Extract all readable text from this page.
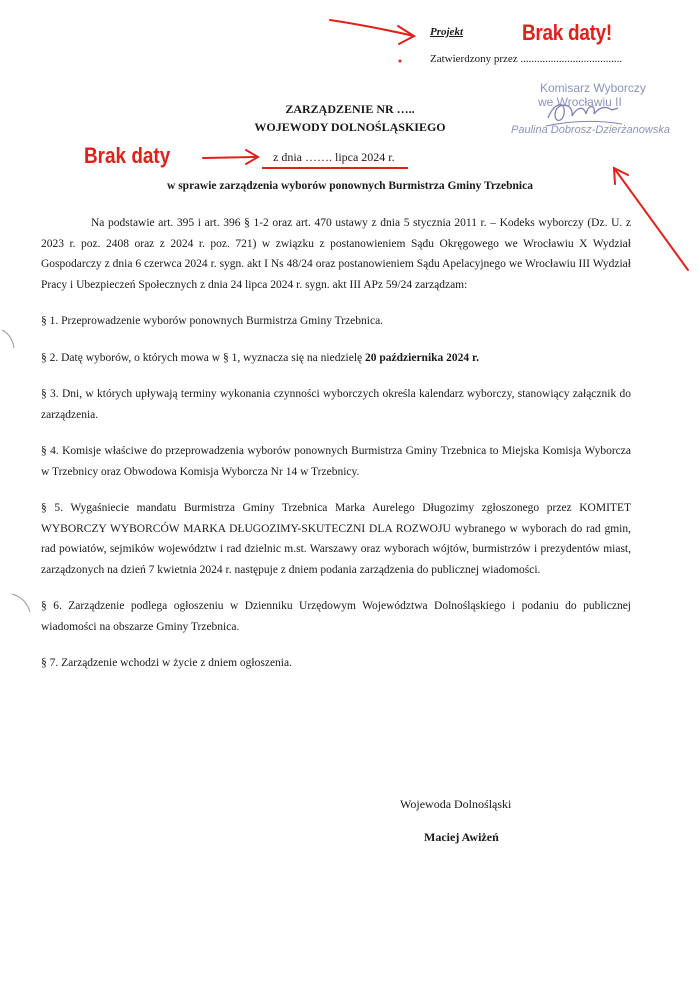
Projekt	Brak daty!
Zatwierdzony przez .....................................
Komisarz Wyborczy
we Wrocławiu II
Paulina Dobrosz-Dzierżanowska
ZARZĄDZENIE NR …..
WOJEWODY DOLNOŚLĄSKIEGO
Brak daty	z dnia ……. lipca 2024 r.
w sprawie zarządzenia wyborów ponownych Burmistrza Gminy Trzebnica

Na podstawie art. 395 i art. 396 § 1-2 oraz art. 470 ustawy z dnia 5 stycznia 2011 r. – Kodeks wyborczy (Dz. U. z 2023 r. poz. 2408 oraz z 2024 r. poz. 721) w związku z postanowieniem Sądu Okręgowego we Wrocławiu X Wydział Gospodarczy z dnia 6 czerwca 2024 r. sygn. akt I Ns 48/24 oraz postanowieniem Sądu Apelacyjnego we Wrocławiu III Wydział Pracy i Ubezpieczeń Społecznych z dnia 24 lipca 2024 r. sygn. akt III APz 59/24 zarządzam:

§ 1. Przeprowadzenie wyborów ponownych Burmistrza Gminy Trzebnica.

§ 2. Datę wyborów, o których mowa w § 1, wyznacza się na niedzielę 20 października 2024 r.

§ 3. Dni, w których upływają terminy wykonania czynności wyborczych określa kalendarz wyborczy, stanowiący załącznik do zarządzenia.

§ 4. Komisje właściwe do przeprowadzenia wyborów ponownych Burmistrza Gminy Trzebnica to Miejska Komisja Wyborcza w Trzebnicy oraz Obwodowa Komisja Wyborcza Nr 14 w Trzebnicy.

§ 5. Wygaśniecie mandatu Burmistrza Gminy Trzebnica Marka Aurelego Długozimy zgłoszonego przez KOMITET WYBORCZY WYBORCÓW MARKA DŁUGOZIMY-SKUTECZNI DLA ROZWOJU wybranego w wyborach do rad gmin, rad powiatów, sejmików województw i rad dzielnic m.st. Warszawy oraz wyborach wójtów, burmistrzów i prezydentów miast, zarządzonych na dzień 7 kwietnia 2024 r. następuje z dniem podania zarządzenia do publicznej wiadomości.

§ 6. Zarządzenie podlega ogłoszeniu w Dzienniku Urzędowym Województwa Dolnośląskiego i podaniu do publicznej wiadomości na obszarze Gminy Trzebnica.

§ 7. Zarządzenie wchodzi w życie z dniem ogłoszenia.

Wojewoda Dolnośląski
Maciej Awiżeń
